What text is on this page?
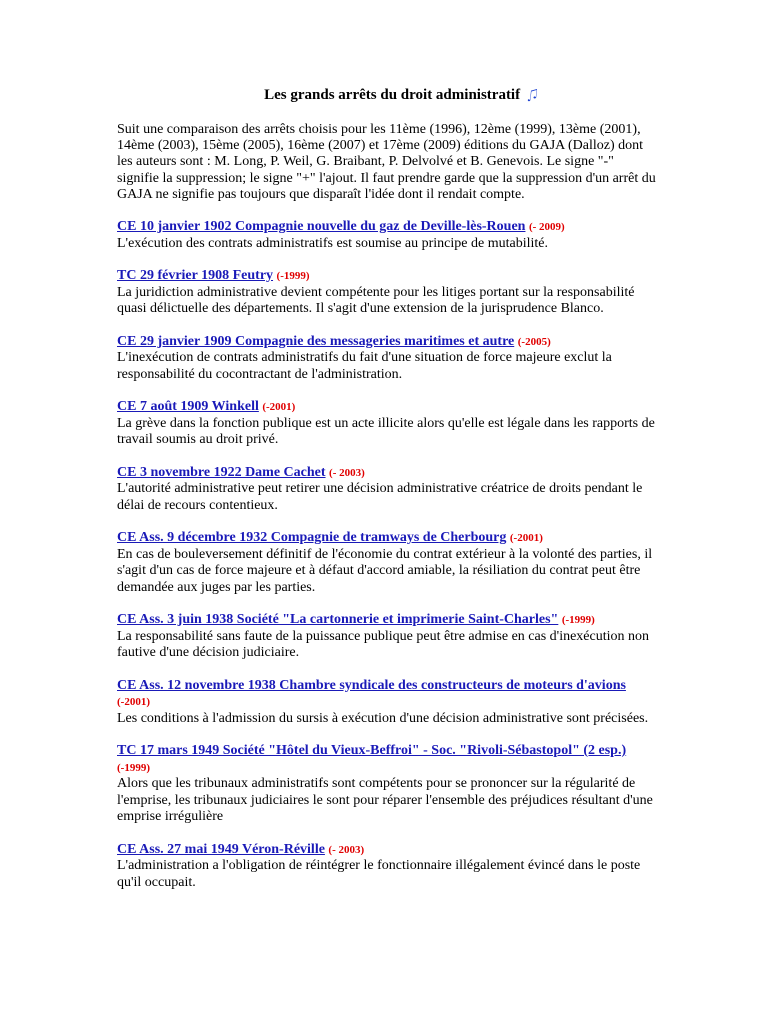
Les grands arrêts du droit administratif

Suit une comparaison des arrêts choisis pour les 11ème (1996), 12ème (1999), 13ème (2001), 14ème (2003), 15ème (2005), 16ème (2007) et 17ème (2009) éditions du GAJA (Dalloz) dont les auteurs sont : M. Long, P. Weil, G. Braibant, P. Delvolvé et B. Genevois. Le signe "-" signifie la suppression; le signe "+" l'ajout. Il faut prendre garde que la suppression d'un arrêt du GAJA ne signifie pas toujours que disparaît l'idée dont il rendait compte.

CE 10 janvier 1902 Compagnie nouvelle du gaz de Deville-lès-Rouen (- 2009)
L'exécution des contrats administratifs est soumise au principe de mutabilité.
TC 29 février 1908 Feutry (-1999)
La juridiction administrative devient compétente pour les litiges portant sur la responsabilité quasi délictuelle des départements. Il s'agit d'une extension de la jurisprudence Blanco.
CE 29 janvier 1909 Compagnie des messageries maritimes et autre (-2005)
L'inexécution de contrats administratifs du fait d'une situation de force majeure exclut la responsabilité du cocontractant de l'administration.
CE 7 août 1909 Winkell (-2001)
La grève dans la fonction publique est un acte illicite alors qu'elle est légale dans les rapports de travail soumis au droit privé.
CE 3 novembre 1922 Dame Cachet (- 2003)
L'autorité administrative peut retirer une décision administrative créatrice de droits pendant le délai de recours contentieux.
CE Ass. 9 décembre 1932 Compagnie de tramways de Cherbourg (-2001)
En cas de bouleversement définitif de l'économie du contrat extérieur à la volonté des parties, il s'agit d'un cas de force majeure et à défaut d'accord amiable, la résiliation du contrat peut être demandée aux juges par les parties.
CE Ass. 3 juin 1938 Société "La cartonnerie et imprimerie Saint-Charles" (-1999)
La responsabilité sans faute de la puissance publique peut être admise en cas d'inexécution non fautive d'une décision judiciaire.
CE Ass. 12 novembre 1938 Chambre syndicale des constructeurs de moteurs d'avions (-2001)
Les conditions à l'admission du sursis à exécution d'une décision administrative sont précisées.
TC 17 mars 1949 Société "Hôtel du Vieux-Beffroi" - Soc. "Rivoli-Sébastopol" (2 esp.) (-1999)
Alors que les tribunaux administratifs sont compétents pour se prononcer sur la régularité de l'emprise, les tribunaux judiciaires le sont pour réparer l'ensemble des préjudices résultant d'une emprise irrégulière
CE Ass. 27 mai 1949 Véron-Réville (- 2003)
L'administration a l'obligation de réintégrer le fonctionnaire illégalement évincé dans le poste qu'il occupait.
